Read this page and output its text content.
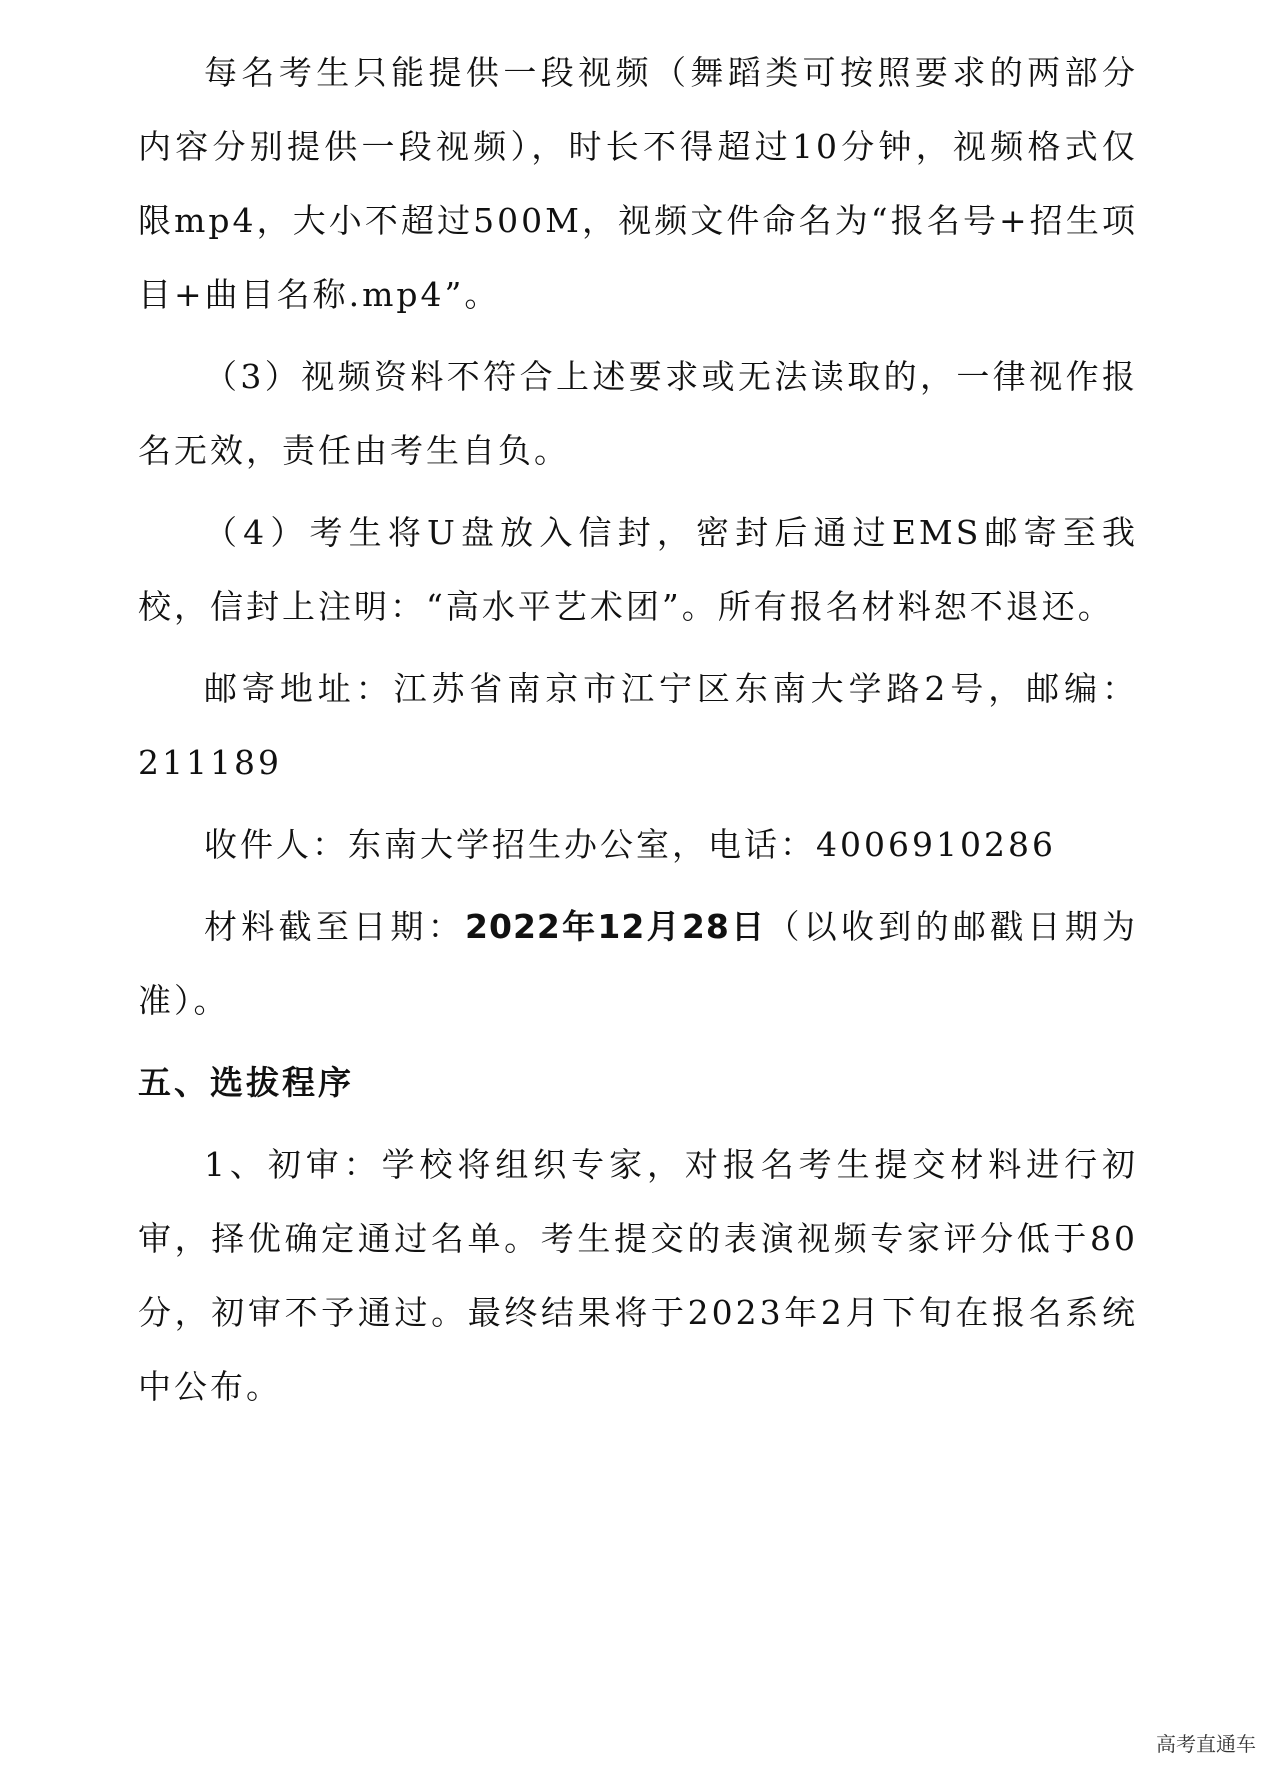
每名考生只能提供一段视频（舞蹈类可按照要求的两部分内容分别提供一段视频），时长不得超过10分钟，视频格式仅限mp4，大小不超过500M，视频文件命名为“报名号+招生项目+曲目名称.mp4”。

（3）视频资料不符合上述要求或无法读取的，一律视作报名无效，责任由考生自负。

（4）考生将U盘放入信封，密封后通过EMS邮寄至我校，信封上注明：“高水平艺术团”。所有报名材料恕不退还。

邮寄地址：江苏省南京市江宁区东南大学路2号，邮编：211189

收件人：东南大学招生办公室，电话：4006910286

材料截至日期：2022年12月28日（以收到的邮戳日期为准）。

五、选拔程序

1、初审：学校将组织专家，对报名考生提交材料进行初审，择优确定通过名单。考生提交的表演视频专家评分低于80分，初审不予通过。最终结果将于2023年2月下旬在报名系统中公布。

高考直通车
